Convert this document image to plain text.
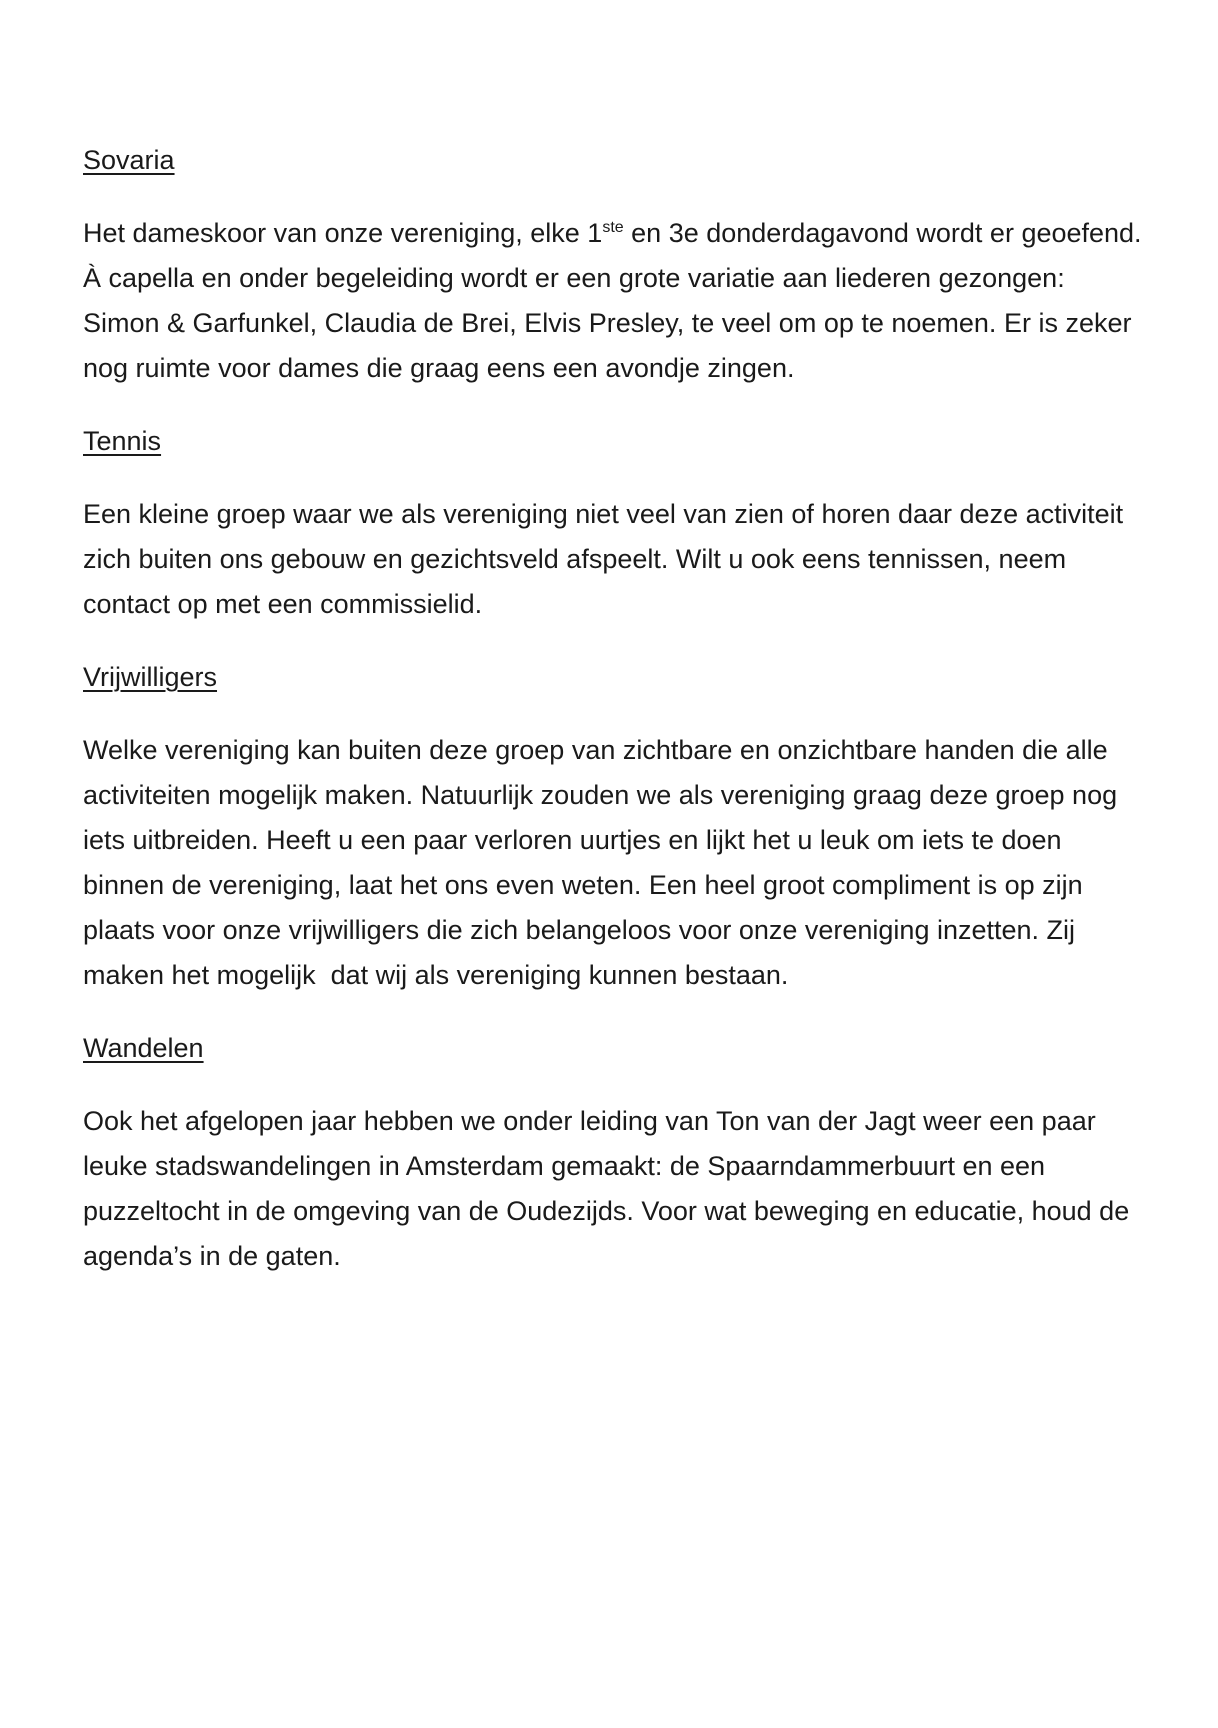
Sovaria

Het dameskoor van onze vereniging, elke 1ste en 3e donderdagavond wordt er geoefend. À capella en onder begeleiding wordt er een grote variatie aan liederen gezongen: Simon & Garfunkel, Claudia de Brei, Elvis Presley, te veel om op te noemen. Er is zeker nog ruimte voor dames die graag eens een avondje zingen.

Tennis

Een kleine groep waar we als vereniging niet veel van zien of horen daar deze activiteit zich buiten ons gebouw en gezichtsveld afspeelt. Wilt u ook eens tennissen, neem contact op met een commissielid.

Vrijwilligers

Welke vereniging kan buiten deze groep van zichtbare en onzichtbare handen die alle activiteiten mogelijk maken. Natuurlijk zouden we als vereniging graag deze groep nog iets uitbreiden. Heeft u een paar verloren uurtjes en lijkt het u leuk om iets te doen binnen de vereniging, laat het ons even weten. Een heel groot compliment is op zijn plaats voor onze vrijwilligers die zich belangeloos voor onze vereniging inzetten. Zij maken het mogelijk  dat wij als vereniging kunnen bestaan.

Wandelen

Ook het afgelopen jaar hebben we onder leiding van Ton van der Jagt weer een paar leuke stadswandelingen in Amsterdam gemaakt: de Spaarndammerbuurt en een puzzeltocht in de omgeving van de Oudezijds. Voor wat beweging en educatie, houd de agenda’s in de gaten.
